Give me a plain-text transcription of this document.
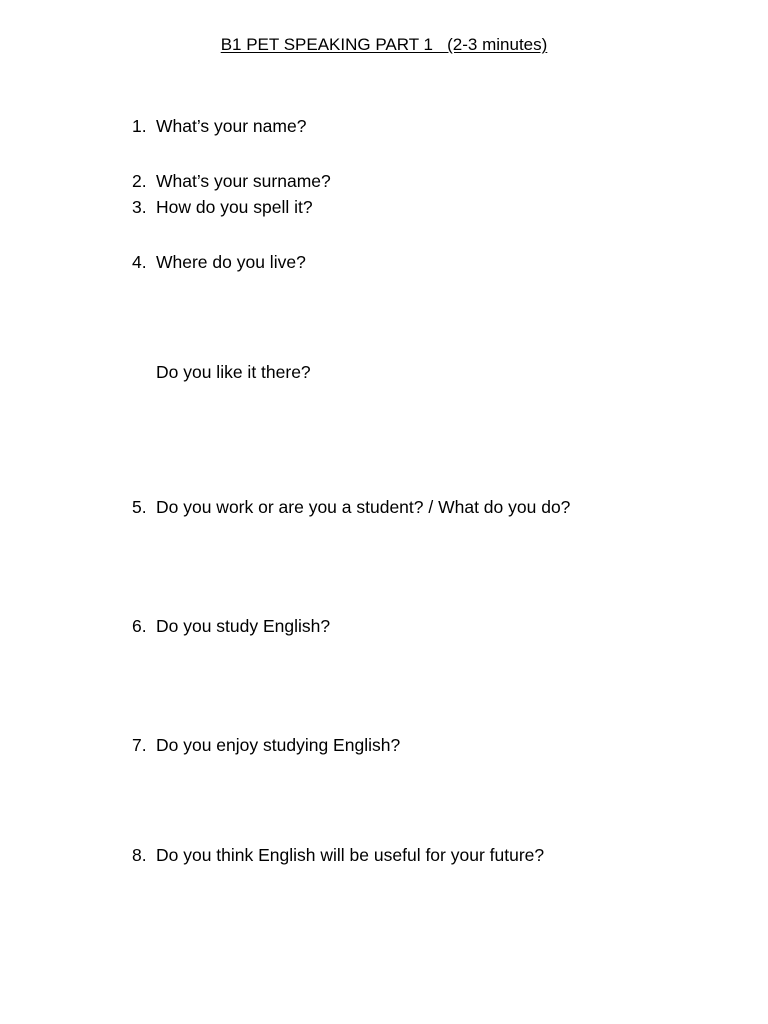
B1 PET SPEAKING PART 1   (2-3 minutes)
1. What’s your name?
2. What’s your surname?
3. How do you spell it?
4. Where do you live?
Do you like it there?
5. Do you work or are you a student? / What do you do?
6. Do you study English?
7. Do you enjoy studying English?
8. Do you think English will be useful for your future?
